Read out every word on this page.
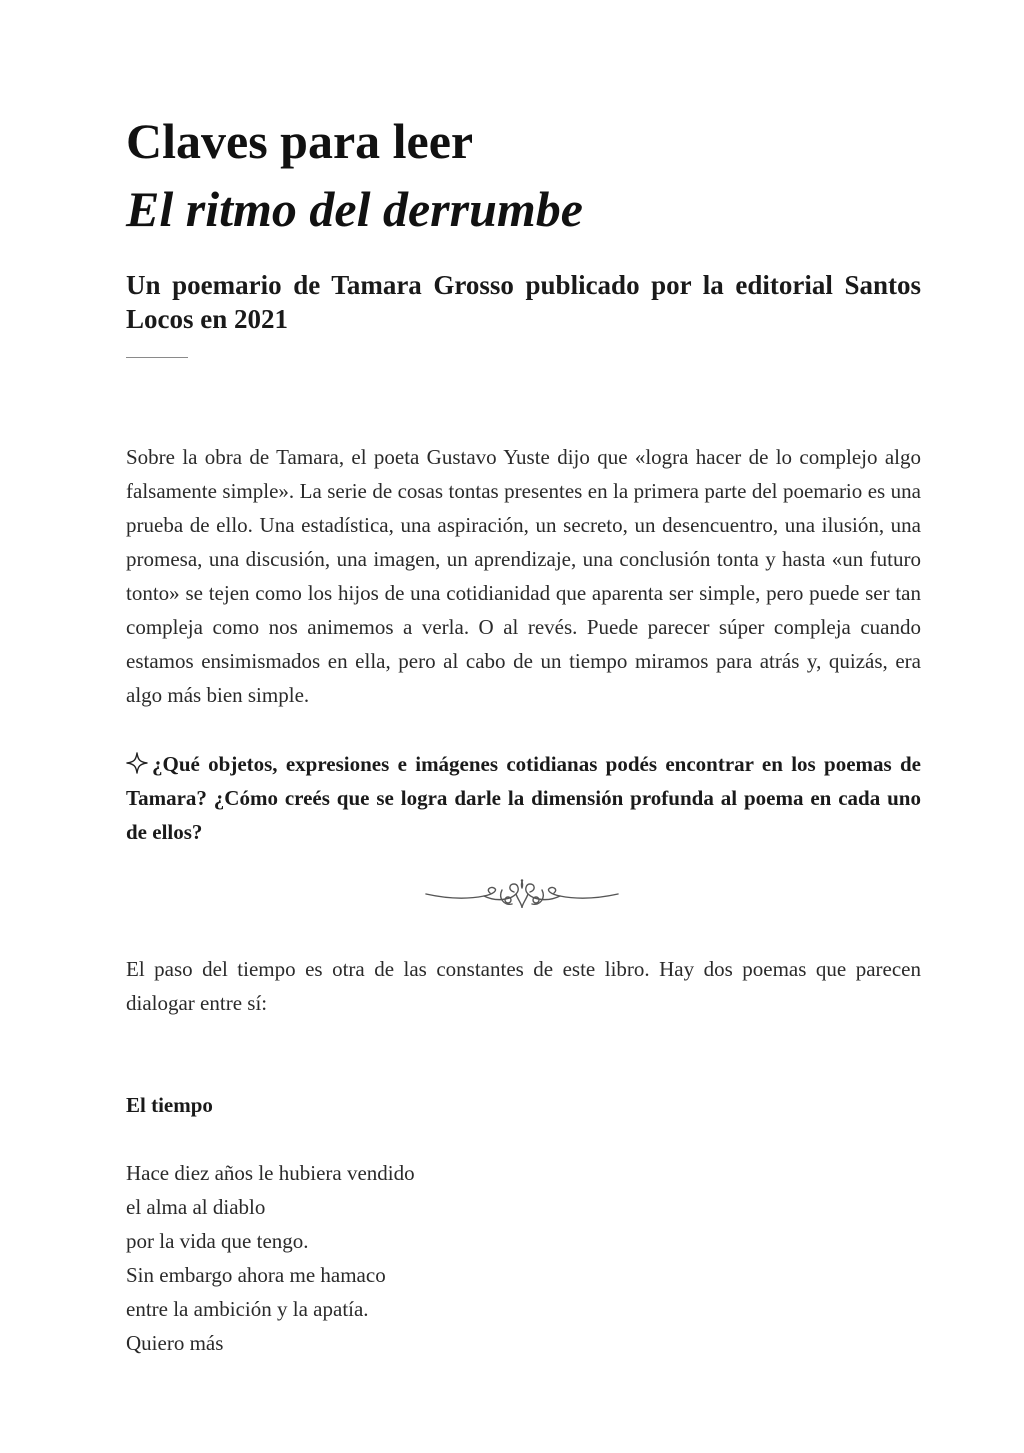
Claves para leer
El ritmo del derrumbe
Un poemario de Tamara Grosso publicado por la editorial Santos Locos en 2021

Sobre la obra de Tamara, el poeta Gustavo Yuste dijo que «logra hacer de lo complejo algo falsamente simple». La serie de cosas tontas presentes en la primera parte del poemario es una prueba de ello. Una estadística, una aspiración, un secreto, un desencuentro, una ilusión, una promesa, una discusión, una imagen, un aprendizaje, una conclusión tonta y hasta «un futuro tonto» se tejen como los hijos de una cotidianidad que aparenta ser simple, pero puede ser tan compleja como nos animemos a verla. O al revés. Puede parecer súper compleja cuando estamos ensimismados en ella, pero al cabo de un tiempo miramos para atrás y, quizás, era algo más bien simple.

¿Qué objetos, expresiones e imágenes cotidianas podés encontrar en los poemas de Tamara? ¿Cómo creés que se logra darle la dimensión profunda al poema en cada uno de ellos?

El paso del tiempo es otra de las constantes de este libro. Hay dos poemas que parecen dialogar entre sí:

El tiempo
Hace diez años le hubiera vendido
el alma al diablo
por la vida que tengo.
Sin embargo ahora me hamaco
entre la ambición y la apatía.
Quiero más
